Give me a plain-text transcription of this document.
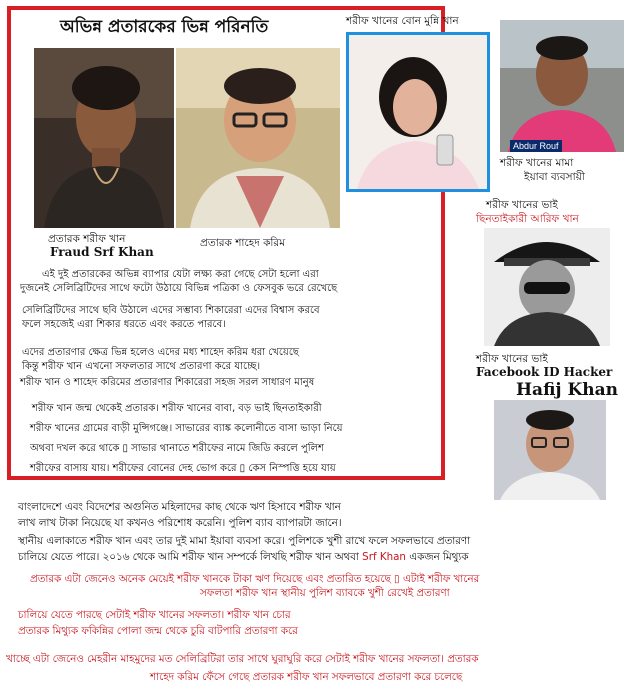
অভিন্ন প্রতারকের ভিন্ন পরিনতি
প্রতারক শরীফ খান
Fraud Srf Khan
প্রতারক শাহেদ করিম
এই দুই প্রতারকের অভিন্ন ব্যাপার যেটা লক্ষ্য করা গেছে সেটা হলো এরা
দুজনেই সেলিব্রিটিদের সাথে ফটো উঠায়ে বিভিন্ন পত্রিকা ও ফেসবুক ভরে রেখেছে
সেলিব্রিটিদের সাথে ছবি উঠালে এদের সম্ভাব্য শিকারেরা এদের বিশ্বাস করবে
ফলে সহজেই এরা শিকার ধরতে এবং করতে পারবে।
এদের প্রতারণার ক্ষেত্র ভিন্ন হলেও এদের মধ্য শাহেদ করিম ধরা খেয়েছে
কিন্তু শরীফ খান এখনো সফলতার সাথে প্রতারণা করে যাচ্ছে।
শরীফ খান ও শাহেদ করিমের প্রতারণার শিকারেরা সহজ সরল সাধারণ মানুষ
শরীফ খান জন্ম থেকেই প্রতারক। শরীফ খানের বাবা, বড় ভাই ছিনতাইকারী
শরীফ খানের গ্রামের বাড়ী মুন্সিগঞ্জে। সাভারের ব্যাঙ্ক কলোনীতে বাসা ভাড়া নিয়ে
অথবা দখল করে থাকে ▯ সাভার থানাতে শরীফের নামে জিডি করলে পুলিশ
শরীফের বাসায় যায়। শরীফের বোনের দেহ ভোগ করে ▯ কেস নিস্পত্তি হয়ে যায়
শরীফ খানের বোন মুন্নি খান
Abdur Rouf
শরীফ খানের মামা
ইয়াবা ব্যবসায়ী
শরীফ খানের ভাই
ছিনতাইকারী আরিফ খান
শরীফ খানের ভাই
Facebook ID Hacker
Hafij Khan
বাংলাদেশে এবং বিদেশের অগুনিত মহিলাদের কাছ থেকে ঋণ হিসাবে শরীফ খান
লাখ লাখ টাকা নিয়েছে যা কখনও পরিশোধ করেনি। পুলিশ ব্যাব ব্যাপারটা জানে।
স্থানীয় এলাকাতে শরীফ খান এবং তার দুই মামা ইয়াবা ব্যবসা করে। পুলিশকে খুশী রাখে ফলে সফলভাবে প্রতারণা
চালিয়ে যেতে পারে। ২০১৬ থেকে আমি শরীফ খান সম্পর্কে লিখছি শরীফ খান অথবা Srf Khan একজন মিথ্যুক
প্রতারক এটা জেনেও অনেক মেয়েই শরীফ খানকে টাকা ঋণ দিয়েছে এবং প্রতারিত হয়েছে ▯ এটাই শরীফ খানের
সফলতা শরীফ খান স্থানীয় পুলিশ ব্যাবকে খুশী রেখেই প্রতারণা
চালিয়ে যেতে পারছে সেটাই শরীফ খানের সফলতা। শরীফ খান চোর
প্রতারক মিথ্যুক ফকিন্নির পোলা জন্ম থেকে চুরি বাটপারি প্রতারণা করে
খাচ্ছে এটা জেনেও মেহরীন মাহমুদের মত সেলিব্রিটিরা তার সাথে ঘুরাঘুরি করে সেটাই শরীফ খানের সফলতা। প্রতারক
শাহেদ করিম ফেঁসে গেছে প্রতারক শরীফ খান সফলভাবে প্রতারণা করে চলেছে
